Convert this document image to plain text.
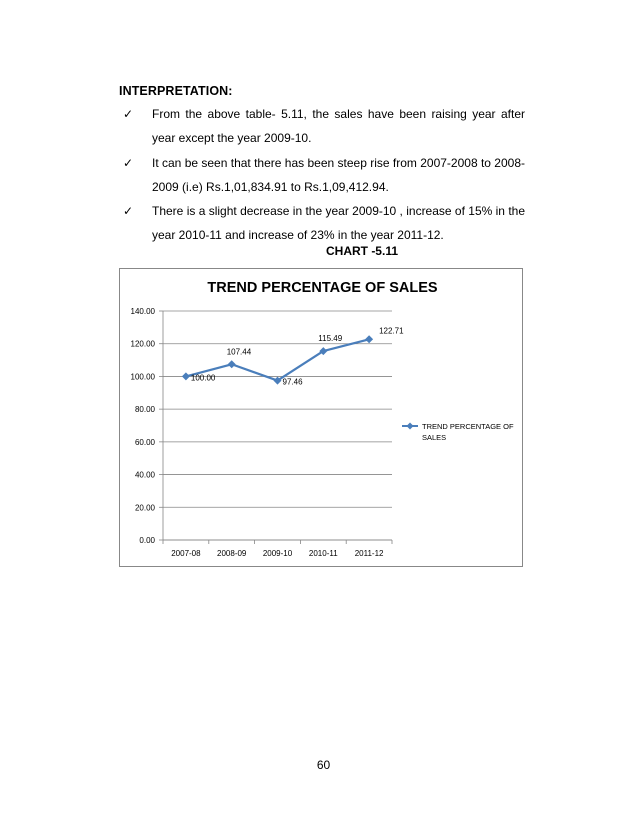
INTERPRETATION:
✓ From the above table- 5.11, the sales have been raising year after year except the year 2009-10.
✓ It can be seen that there has been steep rise from 2007-2008 to 2008-2009 (i.e) Rs.1,01,834.91 to Rs.1,09,412.94.
✓ There is a slight decrease in the year 2009-10 , increase of 15% in the year 2010-11 and increase of 23% in the year 2011-12.
CHART -5.11
TREND PERCENTAGE OF SALES
0.00
20.00
40.00
60.00
80.00
100.00
120.00
140.00
2007-08 2008-09 2009-10 2010-11 2011-12
100.00
107.44
97.46
115.49
122.71
TREND PERCENTAGE OF
SALES
60
